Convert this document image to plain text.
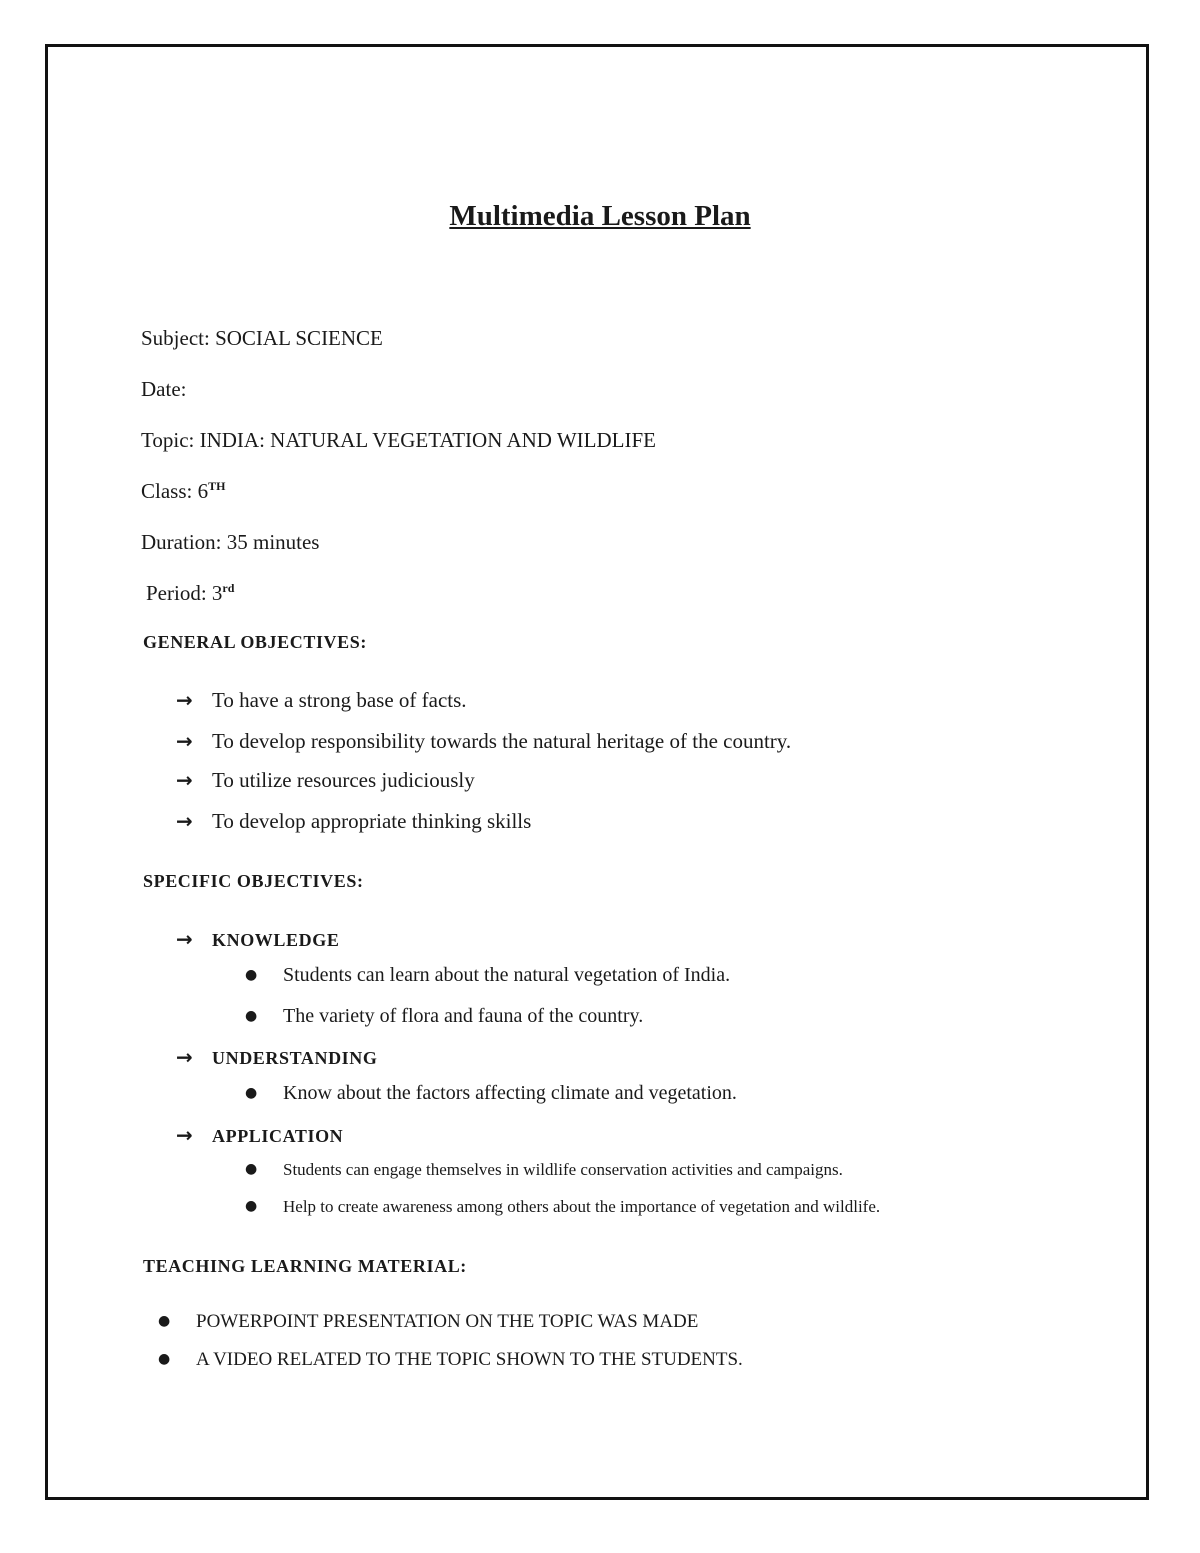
Multimedia Lesson Plan
Subject: SOCIAL SCIENCE
Date:
Topic: INDIA: NATURAL VEGETATION AND WILDLIFE
Class: 6TH
Duration: 35 minutes
Period: 3rd
GENERAL OBJECTIVES:
→ To have a strong base of facts.
→ To develop responsibility towards the natural heritage of the country.
→ To utilize resources judiciously
→ To develop appropriate thinking skills
SPECIFIC OBJECTIVES:
→ KNOWLEDGE
● Students can learn about the natural vegetation of India.
● The variety of flora and fauna of the country.
→ UNDERSTANDING
● Know about the factors affecting climate and vegetation.
→ APPLICATION
● Students can engage themselves in wildlife conservation activities and campaigns.
● Help to create awareness among others about the importance of vegetation and wildlife.
TEACHING LEARNING MATERIAL:
● POWERPOINT PRESENTATION ON THE TOPIC WAS MADE
● A VIDEO RELATED TO THE TOPIC SHOWN TO THE STUDENTS.
